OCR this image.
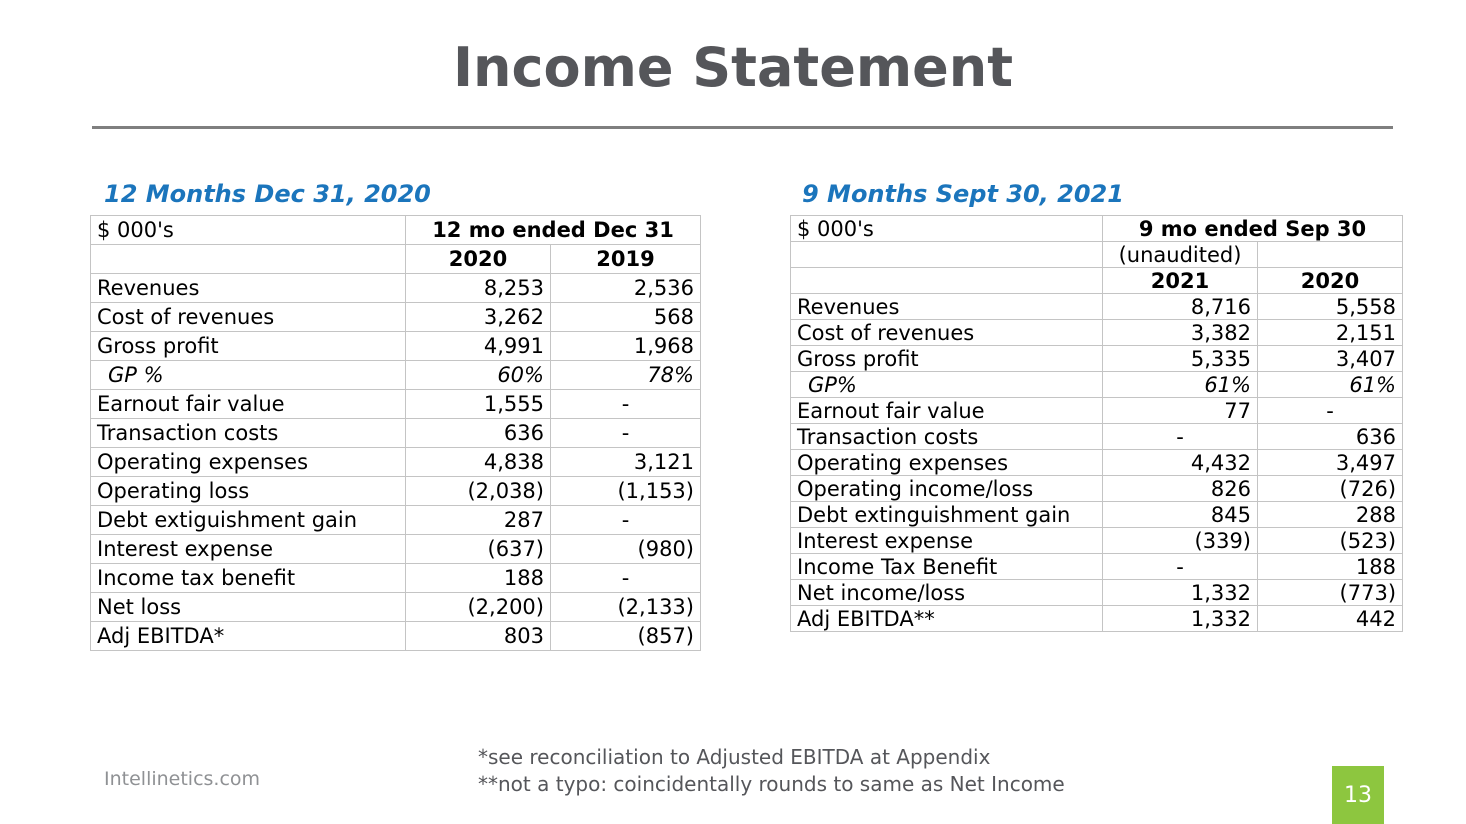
Income Statement
12 Months Dec 31, 2020	9 Months Sept 30, 2021
$ 000's	12 mo ended Dec 31	
	2020	2019
Revenues	8,253	2,536
Cost of revenues	3,262	568
Gross profit	4,991	1,968
GP %	60%	78%
Earnout fair value	1,555	-
Transaction costs	636	-
Operating expenses	4,838	3,121
Operating loss	(2,038)	(1,153)
Debt extiguishment gain	287	-
Interest expense	(637)	(980)
Income tax benefit	188	-
Net loss	(2,200)	(2,133)
Adj EBITDA*	803	(857)
$ 000's	9 mo ended Sep 30	
	(unaudited)	
	2021	2020
Revenues	8,716	5,558
Cost of revenues	3,382	2,151
Gross profit	5,335	3,407
GP%	61%	61%
Earnout fair value	77	-
Transaction costs	-	636
Operating expenses	4,432	3,497
Operating income/loss	826	(726)
Debt extinguishment gain	845	288
Interest expense	(339)	(523)
Income Tax Benefit	-	188
Net income/loss	1,332	(773)
Adj EBITDA**	1,332	442
Intellinetics.com
*see reconciliation to Adjusted EBITDA at Appendix
**not a typo: coincidentally rounds to same as Net Income	13
